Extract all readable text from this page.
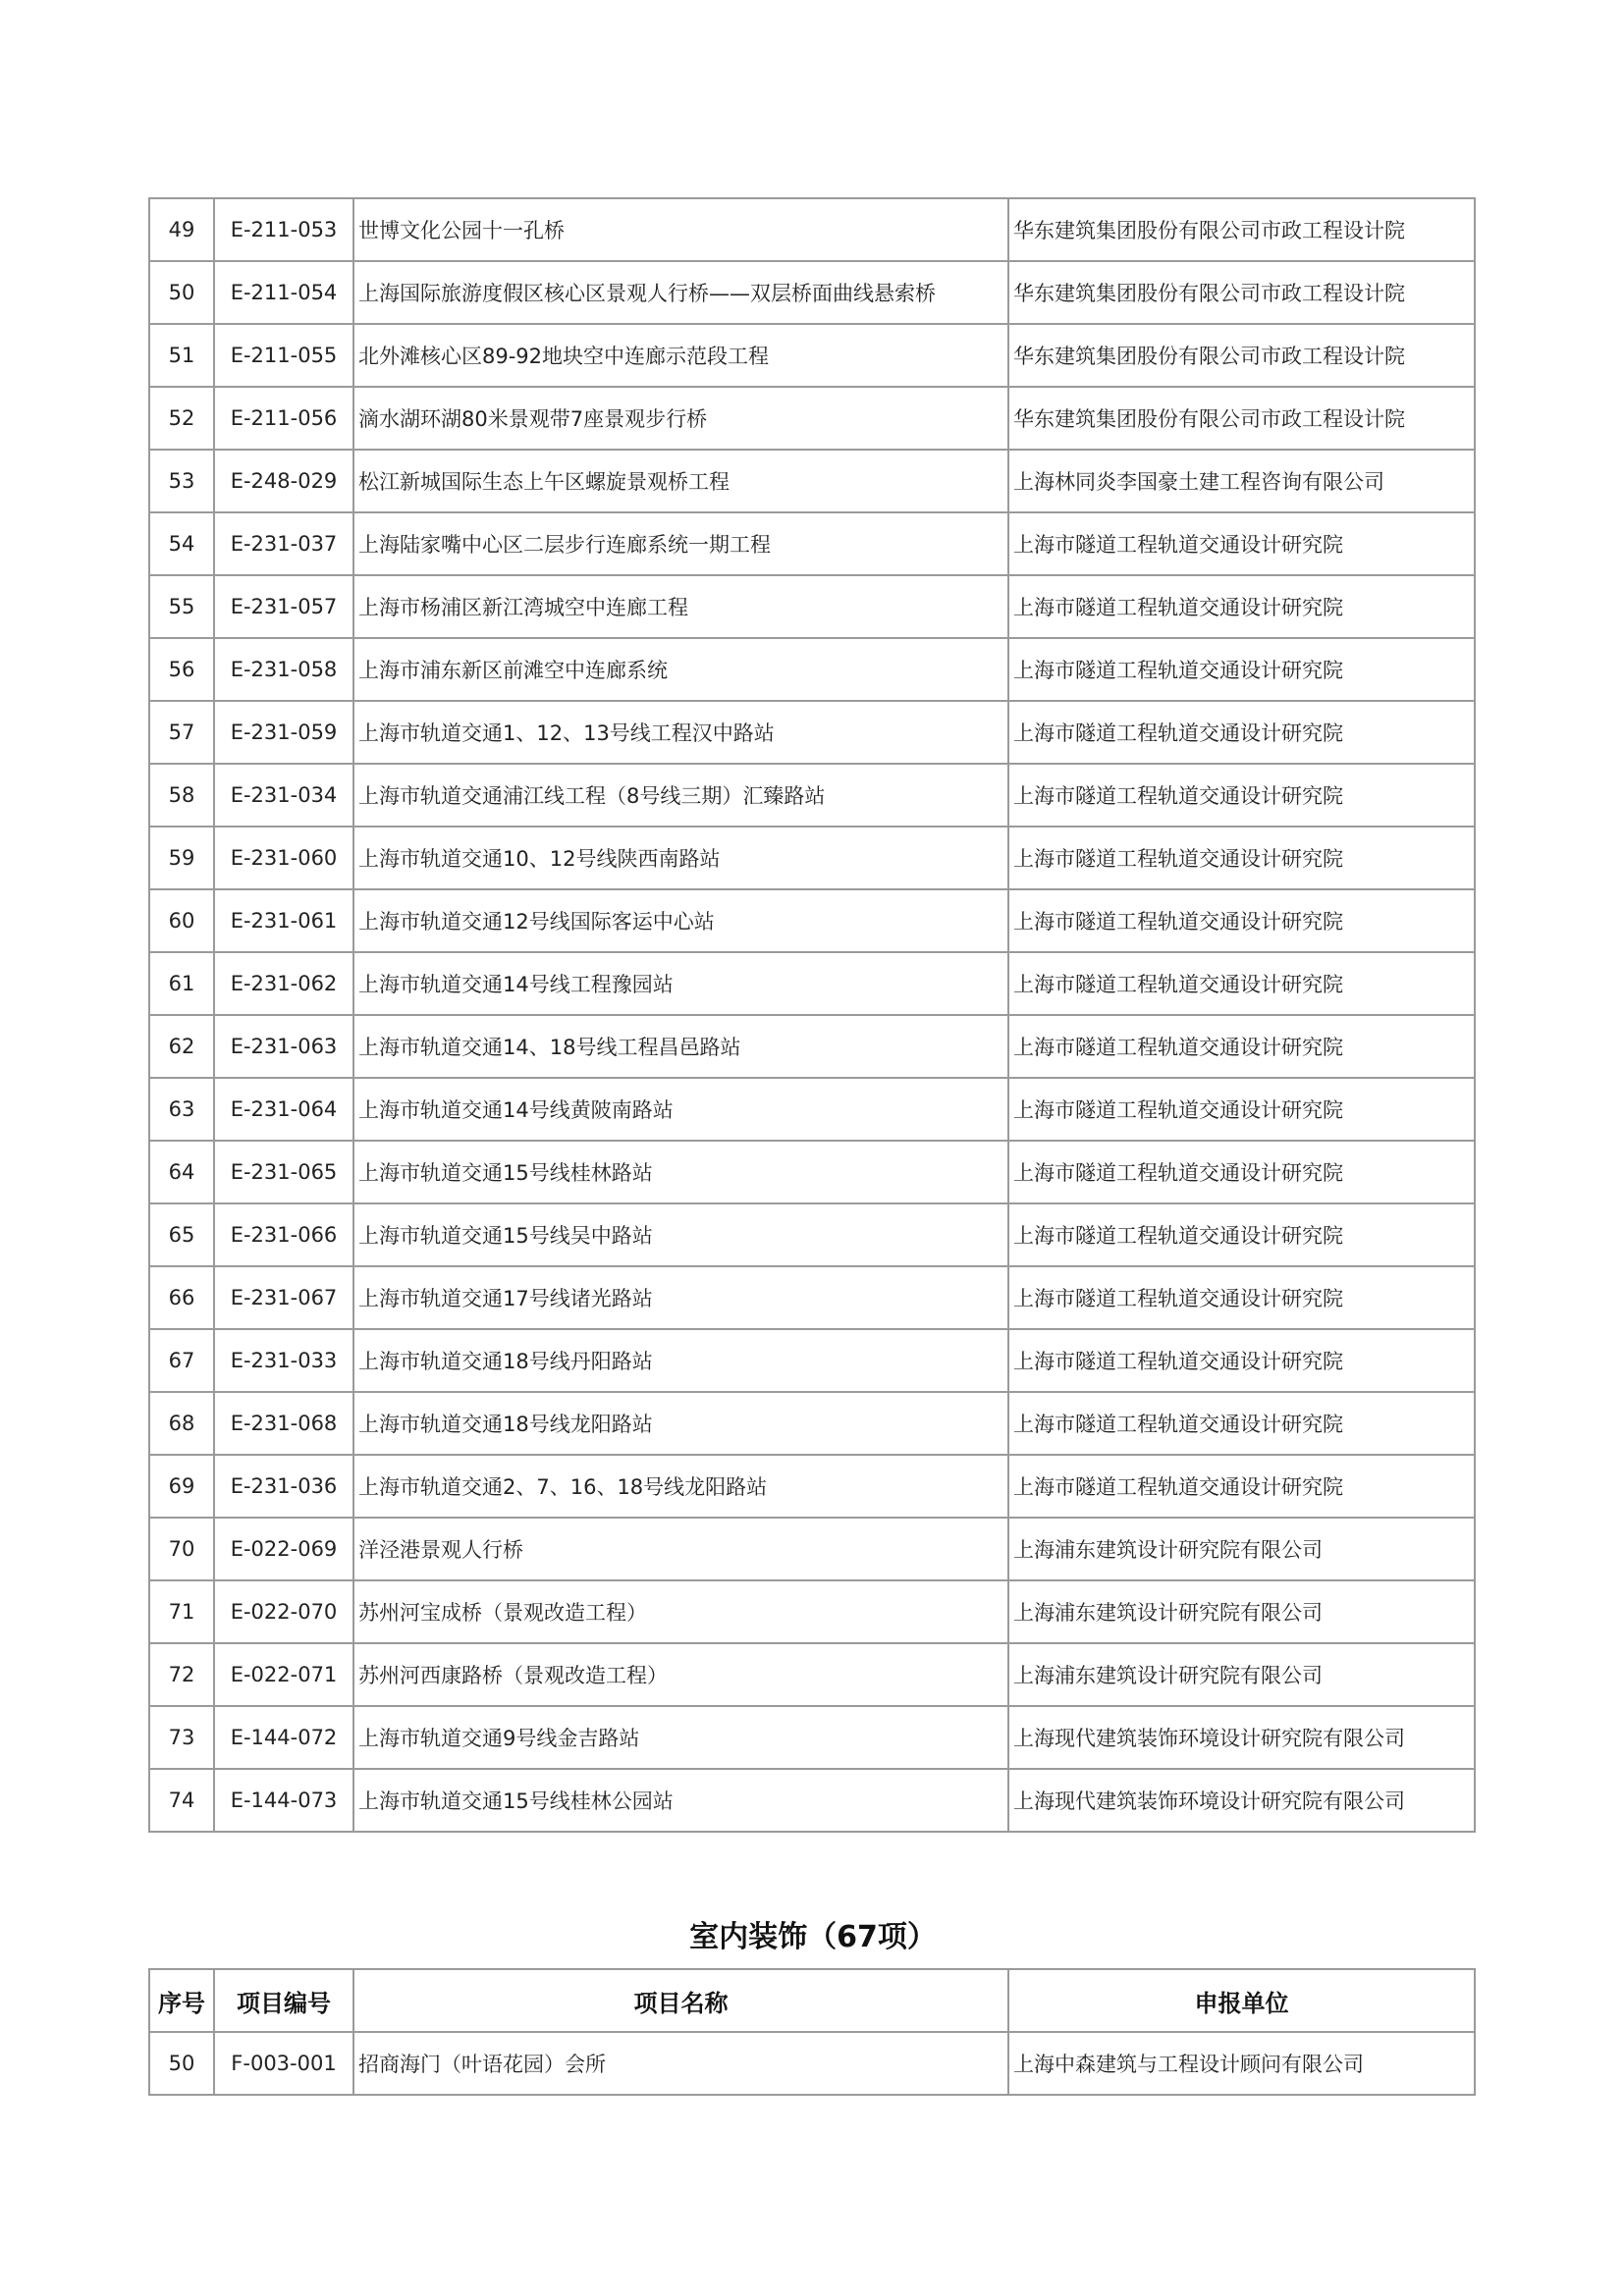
49	E-211-053	世博文化公园十一孔桥	华东建筑集团股份有限公司市政工程设计院
50	E-211-054	上海国际旅游度假区核心区景观人行桥——双层桥面曲线悬索桥	华东建筑集团股份有限公司市政工程设计院
51	E-211-055	北外滩核心区89-92地块空中连廊示范段工程	华东建筑集团股份有限公司市政工程设计院
52	E-211-056	滴水湖环湖80米景观带7座景观步行桥	华东建筑集团股份有限公司市政工程设计院
53	E-248-029	松江新城国际生态上午区螺旋景观桥工程	上海林同炎李国豪土建工程咨询有限公司
54	E-231-037	上海陆家嘴中心区二层步行连廊系统一期工程	上海市隧道工程轨道交通设计研究院
55	E-231-057	上海市杨浦区新江湾城空中连廊工程	上海市隧道工程轨道交通设计研究院
56	E-231-058	上海市浦东新区前滩空中连廊系统	上海市隧道工程轨道交通设计研究院
57	E-231-059	上海市轨道交通1、12、13号线工程汉中路站	上海市隧道工程轨道交通设计研究院
58	E-231-034	上海市轨道交通浦江线工程（8号线三期）汇臻路站	上海市隧道工程轨道交通设计研究院
59	E-231-060	上海市轨道交通10、12号线陕西南路站	上海市隧道工程轨道交通设计研究院
60	E-231-061	上海市轨道交通12号线国际客运中心站	上海市隧道工程轨道交通设计研究院
61	E-231-062	上海市轨道交通14号线工程豫园站	上海市隧道工程轨道交通设计研究院
62	E-231-063	上海市轨道交通14、18号线工程昌邑路站	上海市隧道工程轨道交通设计研究院
63	E-231-064	上海市轨道交通14号线黄陂南路站	上海市隧道工程轨道交通设计研究院
64	E-231-065	上海市轨道交通15号线桂林路站	上海市隧道工程轨道交通设计研究院
65	E-231-066	上海市轨道交通15号线吴中路站	上海市隧道工程轨道交通设计研究院
66	E-231-067	上海市轨道交通17号线诸光路站	上海市隧道工程轨道交通设计研究院
67	E-231-033	上海市轨道交通18号线丹阳路站	上海市隧道工程轨道交通设计研究院
68	E-231-068	上海市轨道交通18号线龙阳路站	上海市隧道工程轨道交通设计研究院
69	E-231-036	上海市轨道交通2、7、16、18号线龙阳路站	上海市隧道工程轨道交通设计研究院
70	E-022-069	洋泾港景观人行桥	上海浦东建筑设计研究院有限公司
71	E-022-070	苏州河宝成桥（景观改造工程）	上海浦东建筑设计研究院有限公司
72	E-022-071	苏州河西康路桥（景观改造工程）	上海浦东建筑设计研究院有限公司
73	E-144-072	上海市轨道交通9号线金吉路站	上海现代建筑装饰环境设计研究院有限公司
74	E-144-073	上海市轨道交通15号线桂林公园站	上海现代建筑装饰环境设计研究院有限公司
室内装饰（67项）
序号	项目编号	项目名称	申报单位
50	F-003-001	招商海门（叶语花园）会所	上海中森建筑与工程设计顾问有限公司
